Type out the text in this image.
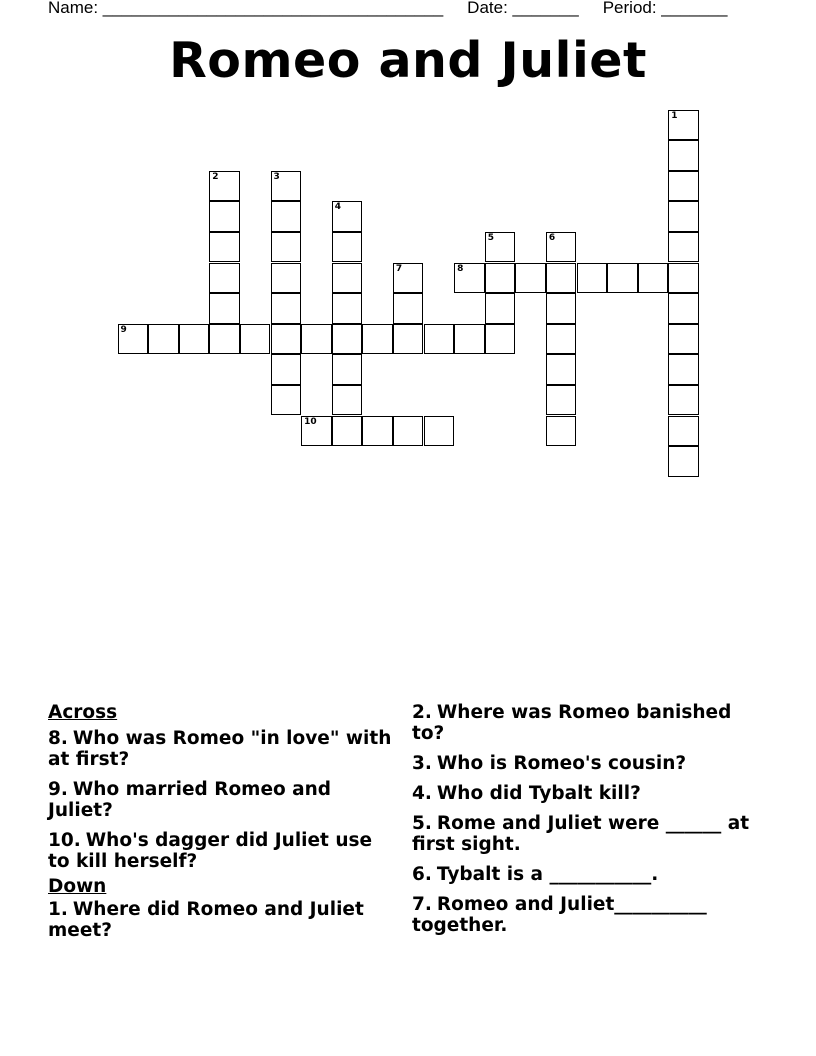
Name: ____________________________________ Date: _______ Period: _______
Romeo and Juliet
1
2	3
4
5	6
7	8
9
10
Across
8. Who was Romeo "in love" with at first?
9. Who married Romeo and Juliet?
10. Who's dagger did Juliet use to kill herself?
Down
1. Where did Romeo and Juliet meet?
2. Where was Romeo banished to?
3. Who is Romeo's cousin?
4. Who did Tybalt kill?
5. Rome and Juliet were ______ at first sight.
6. Tybalt is a ___________.
7. Romeo and Juliet__________ together.
